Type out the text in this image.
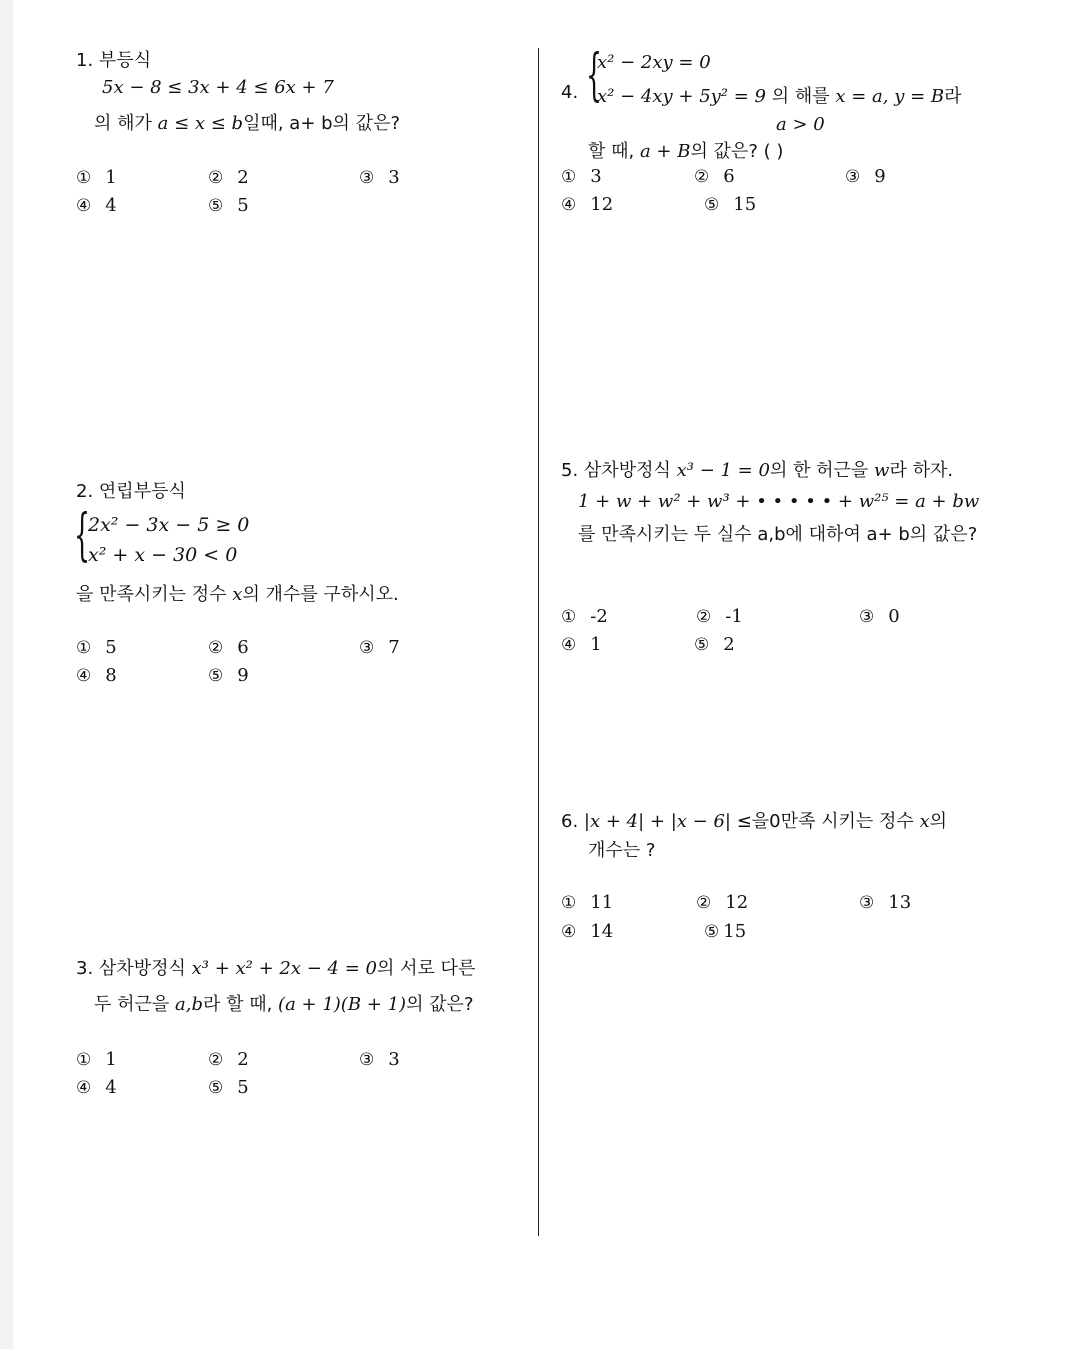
1. 부등식
5x − 8 ≤ 3x + 4 ≤ 6x + 7
의 해가 a ≤ x ≤ b일때, a+ b의 값은?
① 1	② 2	③ 3
④ 4	⑤ 5
2. 연립부등식
{
2x² − 3x − 5 ≥ 0
x² + x − 30 < 0
을 만족시키는 정수 x의 개수를 구하시오.
① 5	② 6	③ 7
④ 8	⑤ 9
3. 삼차방정식 x³ + x² + 2x − 4 = 0의 서로 다른
두 허근을 a,b라 할 때, (a + 1)(B + 1)의 값은?
① 1	② 2	③ 3
④ 4	⑤ 5
4. {
x² − 2xy = 0
x² − 4xy + 5y² = 9 의 해를 x = a, y = B라
a > 0
할 때, a + B의 값은? ( )
① 3	② 6	③ 9
④ 12	⑤ 15
5. 삼차방정식 x³ − 1 = 0의 한 허근을 w라 하자.
1 + w + w² + w³ + • • • • • + w²⁵ = a + bw
를 만족시키는 두 실수 a,b에 대하여 a+ b의 값은?
① -2	② -1	③ 0
④ 1	⑤ 2
6. |x + 4| + |x − 6| ≤을0만족 시키는 정수 x의
개수는 ?
① 11	② 12	③ 13
④ 14	⑤ 15
